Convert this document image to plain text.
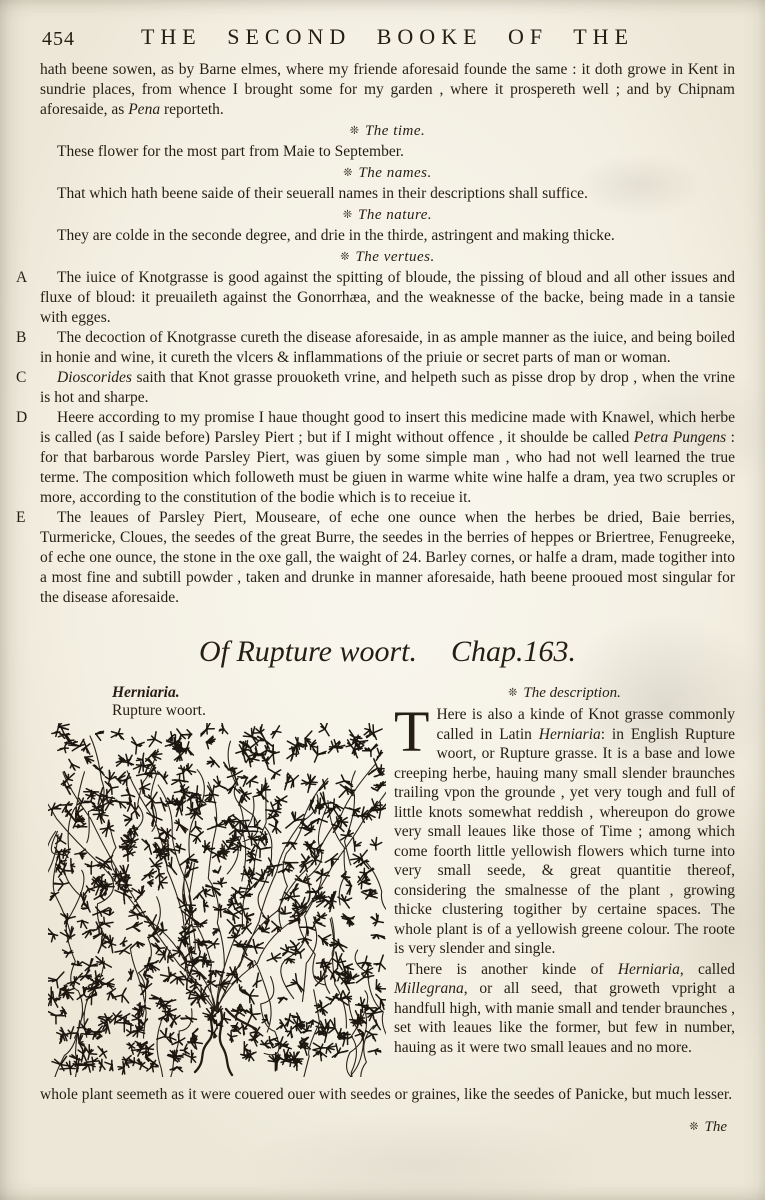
454	THE SECOND BOOKE OF THE
hath beene sowen, as by Barne elmes, where my friende aforesaid founde the same : it doth growe in Kent in sundrie places, from whence I brought some for my garden , where it prospereth well ; and by Chipnam aforesaide, as Pena reporteth.
❊ The time.
These flower for the most part from Maie to September.
❊ The names.
That which hath beene saide of their seuerall names in their descriptions shall suffice.
❊ The nature.
They are colde in the seconde degree, and drie in the thirde, astringent and making thicke.
❊ The vertues.
A	The iuice of Knotgrasse is good against the spitting of bloude, the pissing of bloud and all other issues and fluxe of bloud: it preuaileth against the Gonorrhæa, and the weaknesse of the backe, being made in a tansie with egges.
B	The decoction of Knotgrasse cureth the disease aforesaide, in as ample manner as the iuice, and being boiled in honie and wine, it cureth the vlcers & inflammations of the priuie or secret parts of man or woman.
C	Dioscorides saith that Knot grasse prouoketh vrine, and helpeth such as pisse drop by drop , when the vrine is hot and sharpe.
D	Heere according to my promise I haue thought good to insert this medicine made with Knawel, which herbe is called (as I saide before) Parsley Piert ; but if I might without offence , it shoulde be called Petra Pungens : for that barbarous worde Parsley Piert, was giuen by some simple man , who had not well learned the true terme. The composition which followeth must be giuen in warme white wine halfe a dram, yea two scruples or more, according to the constitution of the bodie which is to receiue it.
E	The leaues of Parsley Piert, Mouseare, of eche one ounce when the herbes be dried, Baie berries, Turmericke, Cloues, the seedes of the great Burre, the seedes in the berries of heppes or Briertree, Fenugreeke, of eche one ounce, the stone in the oxe gall, the waight of 24. Barley cornes, or halfe a dram, made togither into a most fine and subtill powder , taken and drunke in manner aforesaide, hath beene prooued most singular for the disease aforesaide.
Of Rupture woort. Chap.163.
Herniaria.
Rupture woort.
❊ The description.
T Here is also a kinde of Knot grasse commonly called in Latin Herniaria: in English Rupture woort, or Rupture grasse. It is a base and lowe creeping herbe, hauing many small slender braunches trailing vpon the grounde , yet very tough and full of little knots somewhat reddish , whereupon do growe very small leaues like those of Time ; among which come foorth little yellowish flowers which turne into very small seede, & great quantitie thereof, considering the smalnesse of the plant , growing thicke clustering togither by certaine spaces. The whole plant is of a yellowish greene colour. The roote is very slender and single.
There is another kinde of Herniaria, called Millegrana, or all seed, that groweth vpright a handfull high, with manie small and tender braunches , set with leaues like the former, but few in number, hauing as it were two small leaues and no more.
whole plant seemeth as it were couered ouer with seedes or graines, like the seedes of Panicke, but much lesser.
❊ The
